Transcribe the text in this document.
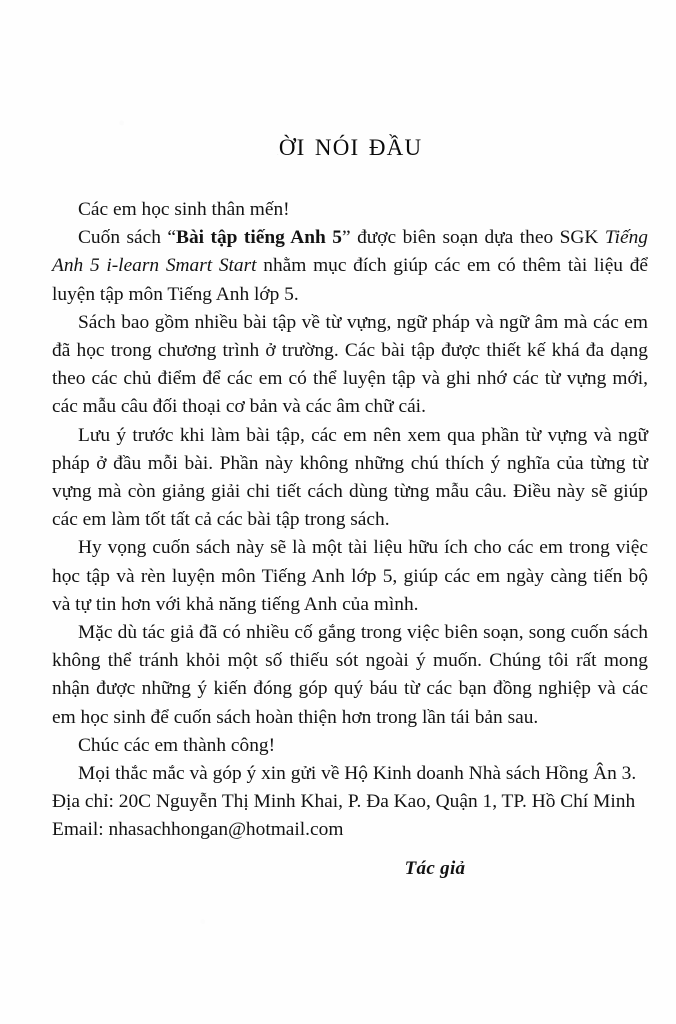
Lời nói đầu

Các em học sinh thân mến!

Cuốn sách “Bài tập tiếng Anh 5” được biên soạn dựa theo SGK Tiếng Anh 5 i-learn Smart Start nhằm mục đích giúp các em có thêm tài liệu để luyện tập môn Tiếng Anh lớp 5.

Sách bao gồm nhiều bài tập về từ vựng, ngữ pháp và ngữ âm mà các em đã học trong chương trình ở trường. Các bài tập được thiết kế khá đa dạng theo các chủ điểm để các em có thể luyện tập và ghi nhớ các từ vựng mới, các mẫu câu đối thoại cơ bản và các âm chữ cái.

Lưu ý trước khi làm bài tập, các em nên xem qua phần từ vựng và ngữ pháp ở đầu mỗi bài. Phần này không những chú thích ý nghĩa của từng từ vựng mà còn giảng giải chi tiết cách dùng từng mẫu câu. Điều này sẽ giúp các em làm tốt tất cả các bài tập trong sách.

Hy vọng cuốn sách này sẽ là một tài liệu hữu ích cho các em trong việc học tập và rèn luyện môn Tiếng Anh lớp 5, giúp các em ngày càng tiến bộ và tự tin hơn với khả năng tiếng Anh của mình.

Mặc dù tác giả đã có nhiều cố gắng trong việc biên soạn, song cuốn sách không thể tránh khỏi một số thiếu sót ngoài ý muốn. Chúng tôi rất mong nhận được những ý kiến đóng góp quý báu từ các bạn đồng nghiệp và các em học sinh để cuốn sách hoàn thiện hơn trong lần tái bản sau.

Chúc các em thành công!

Mọi thắc mắc và góp ý xin gửi về Hộ Kinh doanh Nhà sách Hồng Ân 3.

Địa chỉ: 20C Nguyễn Thị Minh Khai, P. Đa Kao, Quận 1, TP. Hồ Chí Minh

Email: nhasachhongan@hotmail.com

Tác giả
